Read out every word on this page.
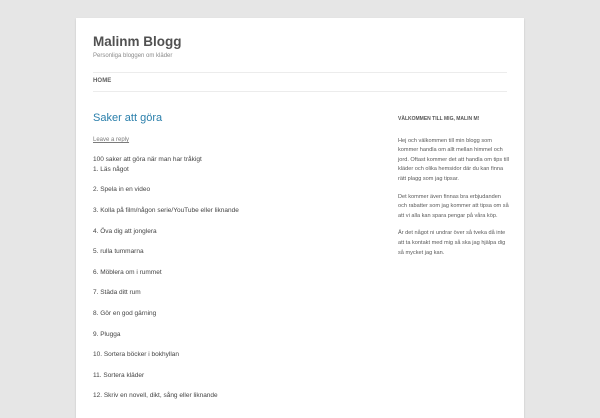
Malinm Blogg

Personliga bloggen om kläder

HOME
Saker att göra
Leave a reply

100 saker att göra när man har tråkigt

1. Läs något

2. Spela in en video

3. Kolla på film/någon serie/YouTube eller liknande

4. Öva dig att jonglera

5. rulla tummarna

6. Möblera om i rummet

7. Städa ditt rum

8. Gör en god gärning

9. Plugga

10. Sortera böcker i bokhyllan

11. Sortera kläder

12. Skriv en novell, dikt, sång eller liknande

VÄLKOMMEN TILL MIG, MALIN M!

Hej och välkommen till min blogg som kommer handla om allt mellan himmel och jord. Oftast kommer det att handla om tips till kläder och olika hemsidor där du kan finna rätt plagg som jag tipsar.

Det kommer även finnas bra erbjudanden och rabatter som jag kommer att tipsa om så att vi alla kan spara pengar på våra köp.

Är det något ni undrar över så tveka då inte att ta kontakt med mig så ska jag hjälpa dig så mycket jag kan.
